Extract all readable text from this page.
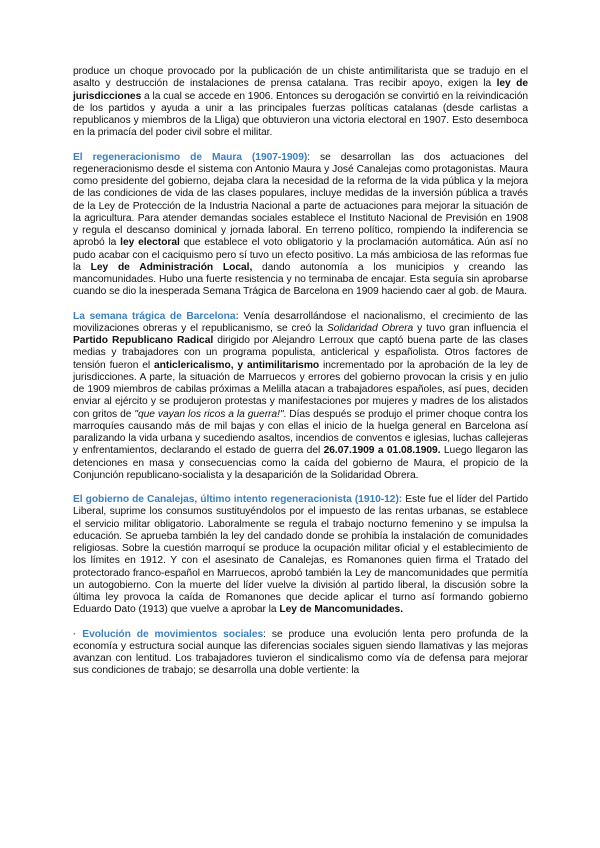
produce un choque provocado por la publicación de un chiste antimilitarista que se tradujo en el asalto y destrucción de instalaciones de prensa catalana. Tras recibir apoyo, exigen la ley de jurisdicciones a la cual se accede en 1906. Entonces su derogación se convirtió en la reivindicación de los partidos y ayuda a unir a las principales fuerzas políticas catalanas (desde carlistas a republicanos y miembros de la Lliga) que obtuvieron una victoria electoral en 1907. Esto desemboca en la primacía del poder civil sobre el militar.

El regeneracionismo de Maura (1907-1909): se desarrollan las dos actuaciones del regeneracionismo desde el sistema con Antonio Maura y José Canalejas como protagonistas. Maura como presidente del gobierno, dejaba clara la necesidad de la reforma de la vida pública y la mejora de las condiciones de vida de las clases populares, incluye medidas de la inversión pública a través de la Ley de Protección de la Industria Nacional a parte de actuaciones para mejorar la situación de la agricultura. Para atender demandas sociales establece el Instituto Nacional de Previsión en 1908 y regula el descanso dominical y jornada laboral. En terreno político, rompiendo la indiferencia se aprobó la ley electoral que establece el voto obligatorio y la proclamación automática. Aún así no pudo acabar con el caciquismo pero sí tuvo un efecto positivo. La más ambiciosa de las reformas fue la Ley de Administración Local, dando autonomía a los municipios y creando las mancomunidades. Hubo una fuerte resistencia y no terminaba de encajar. Esta seguía sin aprobarse cuando se dio la inesperada Semana Trágica de Barcelona en 1909 haciendo caer al gob. de Maura.

La semana trágica de Barcelona: Venía desarrollándose el nacionalismo, el crecimiento de las movilizaciones obreras y el republicanismo, se creó la Solidaridad Obrera y tuvo gran influencia el Partido Republicano Radical dirigido por Alejandro Lerroux que captó buena parte de las clases medias y trabajadores con un programa populista, anticlerical y españolista. Otros factores de tensión fueron el anticlericalismo, y antimilitarismo incrementado por la aprobación de la ley de jurisdicciones. A parte, la situación de Marruecos y errores del gobierno provocan la crisis y en julio de 1909 miembros de cabilas próximas a Melilla atacan a trabajadores españoles, así pues, deciden enviar al ejército y se produjeron protestas y manifestaciones por mujeres y madres de los alistados con gritos de "que vayan los ricos a la guerra!". Días después se produjo el primer choque contra los marroquíes causando más de mil bajas y con ellas el inicio de la huelga general en Barcelona así paralizando la vida urbana y sucediendo asaltos, incendios de conventos e iglesias, luchas callejeras y enfrentamientos, declarando el estado de guerra del 26.07.1909 a 01.08.1909. Luego llegaron las detenciones en masa y consecuencias como la caída del gobierno de Maura, el propicio de la Conjunción republicano-socialista y la desaparición de la Solidaridad Obrera.

El gobierno de Canalejas, último intento regeneracionista (1910-12): Este fue el líder del Partido Liberal, suprime los consumos sustituyéndolos por el impuesto de las rentas urbanas, se establece el servicio militar obligatorio. Laboralmente se regula el trabajo nocturno femenino y se impulsa la educación. Se aprueba también la ley del candado donde se prohibía la instalación de comunidades religiosas. Sobre la cuestión marroquí se produce la ocupación militar oficial y el establecimiento de los límites en 1912. Y con el asesinato de Canalejas, es Romanones quien firma el Tratado del protectorado franco-español en Marruecos, aprobó también la Ley de mancomunidades que permitía un autogobierno. Con la muerte del líder vuelve la división al partido liberal, la discusión sobre la última ley provoca la caída de Romanones que decide aplicar el turno así formando gobierno Eduardo Dato (1913) que vuelve a aprobar la Ley de Mancomunidades.

· Evolución de movimientos sociales: se produce una evolución lenta pero profunda de la economía y estructura social aunque las diferencias sociales siguen siendo llamativas y las mejoras avanzan con lentitud. Los trabajadores tuvieron el sindicalismo como vía de defensa para mejorar sus condiciones de trabajo; se desarrolla una doble vertiente: la
